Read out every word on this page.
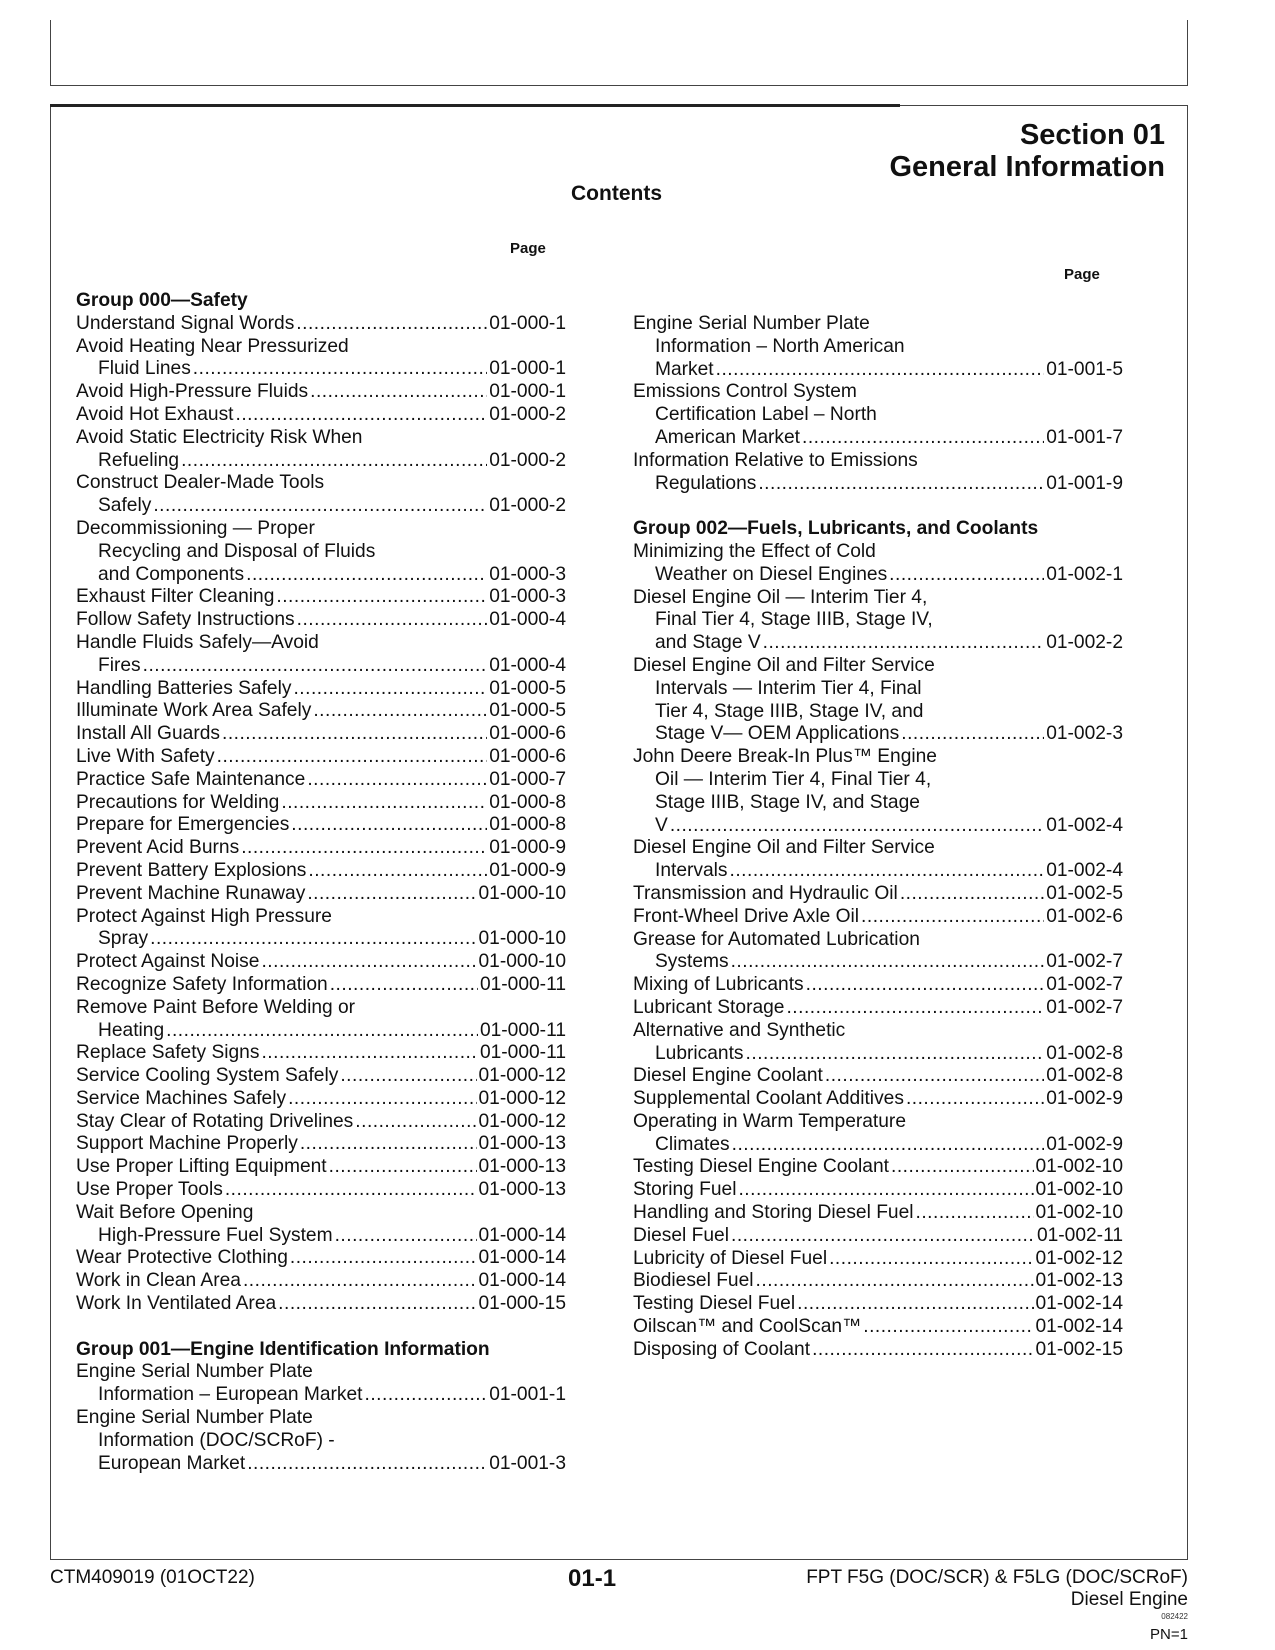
Section 01
General Information
Contents
Page
Page
Group 000—Safety
Understand Signal Words .....	01-000-1
Avoid Heating Near Pressurized
Fluid Lines .....	01-000-1
Avoid High-Pressure Fluids .....	01-000-1
Avoid Hot Exhaust .....	01-000-2
Avoid Static Electricity Risk When
Refueling .....	01-000-2
Construct Dealer-Made Tools
Safely .....	01-000-2
Decommissioning — Proper
Recycling and Disposal of Fluids
and Components .....	01-000-3
Exhaust Filter Cleaning .....	01-000-3
Follow Safety Instructions .....	01-000-4
Handle Fluids Safely—Avoid
Fires .....	01-000-4
Handling Batteries Safely .....	01-000-5
Illuminate Work Area Safely .....	01-000-5
Install All Guards .....	01-000-6
Live With Safety .....	01-000-6
Practice Safe Maintenance .....	01-000-7
Precautions for Welding .....	01-000-8
Prepare for Emergencies .....	01-000-8
Prevent Acid Burns .....	01-000-9
Prevent Battery Explosions .....	01-000-9
Prevent Machine Runaway .....	01-000-10
Protect Against High Pressure
Spray .....	01-000-10
Protect Against Noise .....	01-000-10
Recognize Safety Information .....	01-000-11
Remove Paint Before Welding or
Heating .....	01-000-11
Replace Safety Signs .....	01-000-11
Service Cooling System Safely .....	01-000-12
Service Machines Safely .....	01-000-12
Stay Clear of Rotating Drivelines .....	01-000-12
Support Machine Properly .....	01-000-13
Use Proper Lifting Equipment .....	01-000-13
Use Proper Tools .....	01-000-13
Wait Before Opening
High-Pressure Fuel System .....	01-000-14
Wear Protective Clothing .....	01-000-14
Work in Clean Area .....	01-000-14
Work In Ventilated Area .....	01-000-15
Group 001—Engine Identification Information
Engine Serial Number Plate
Information – European Market .....	01-001-1
Engine Serial Number Plate
Information (DOC/SCRoF) -
European Market .....	01-001-3
Engine Serial Number Plate
Information – North American
Market .....	01-001-5
Emissions Control System
Certification Label – North
American Market .....	01-001-7
Information Relative to Emissions
Regulations .....	01-001-9
Group 002—Fuels, Lubricants, and Coolants
Minimizing the Effect of Cold
Weather on Diesel Engines .....	01-002-1
Diesel Engine Oil — Interim Tier 4,
Final Tier 4, Stage IIIB, Stage IV,
and Stage V .....	01-002-2
Diesel Engine Oil and Filter Service
Intervals — Interim Tier 4, Final
Tier 4, Stage IIIB, Stage IV, and
Stage V— OEM Applications .....	01-002-3
John Deere Break-In Plus™ Engine
Oil — Interim Tier 4, Final Tier 4,
Stage IIIB, Stage IV, and Stage
V .....	01-002-4
Diesel Engine Oil and Filter Service
Intervals .....	01-002-4
Transmission and Hydraulic Oil .....	01-002-5
Front-Wheel Drive Axle Oil .....	01-002-6
Grease for Automated Lubrication
Systems .....	01-002-7
Mixing of Lubricants .....	01-002-7
Lubricant Storage .....	01-002-7
Alternative and Synthetic
Lubricants .....	01-002-8
Diesel Engine Coolant .....	01-002-8
Supplemental Coolant Additives .....	01-002-9
Operating in Warm Temperature
Climates .....	01-002-9
Testing Diesel Engine Coolant .....	01-002-10
Storing Fuel .....	01-002-10
Handling and Storing Diesel Fuel .....	01-002-10
Diesel Fuel .....	01-002-11
Lubricity of Diesel Fuel .....	01-002-12
Biodiesel Fuel .....	01-002-13
Testing Diesel Fuel .....	01-002-14
Oilscan™ and CoolScan™ .....	01-002-14
Disposing of Coolant .....	01-002-15
CTM409019 (01OCT22)	01-1	FPT F5G (DOC/SCR) & F5LG (DOC/SCRoF)
Diesel Engine
082422
PN=1
